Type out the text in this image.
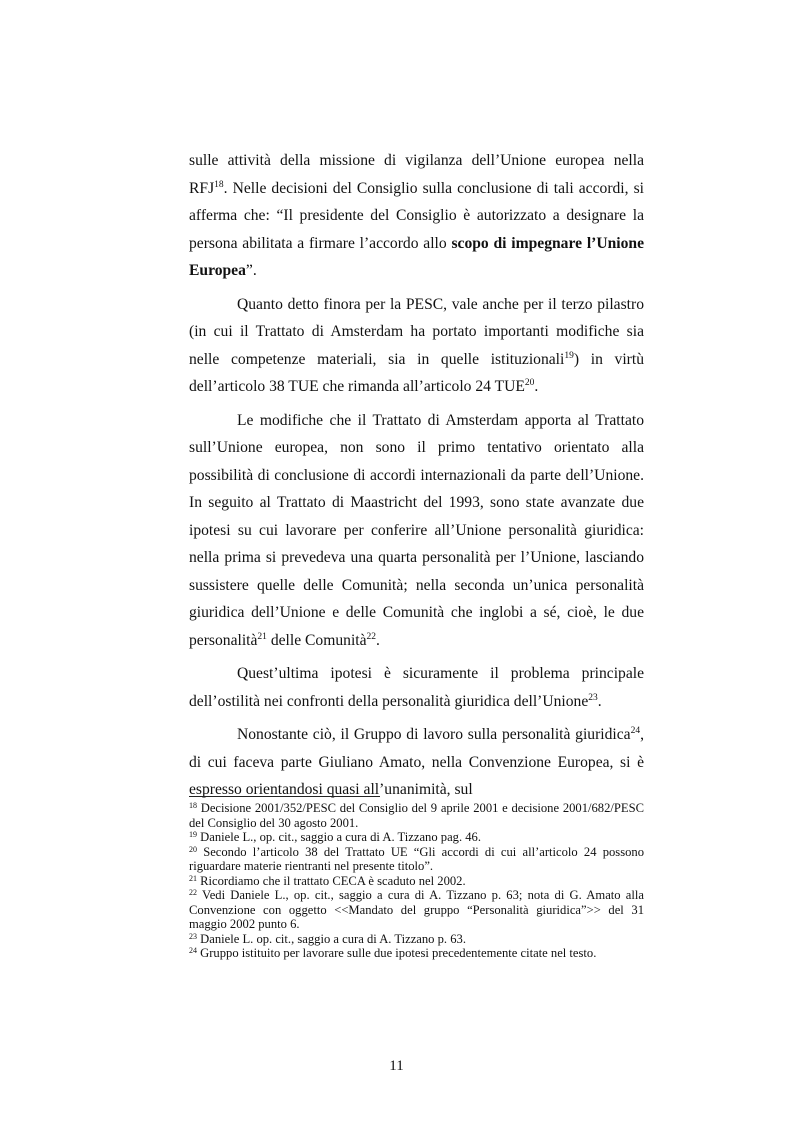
sulle attività della missione di vigilanza dell’Unione europea nella RFJ$^{18}$. Nelle decisioni del Consiglio sulla conclusione di tali accordi, si afferma che: “Il presidente del Consiglio è autorizzato a designare la persona abilitata a firmare l’accordo allo scopo di impegnare l’Unione Europea”.

Quanto detto finora per la PESC, vale anche per il terzo pilastro (in cui il Trattato di Amsterdam ha portato importanti modifiche sia nelle competenze materiali, sia in quelle istituzionali$^{19}$) in virtù dell’articolo 38 TUE che rimanda all’articolo 24 TUE$^{20}$.

Le modifiche che il Trattato di Amsterdam apporta al Trattato sull’Unione europea, non sono il primo tentativo orientato alla possibilità di conclusione di accordi internazionali da parte dell’Unione. In seguito al Trattato di Maastricht del 1993, sono state avanzate due ipotesi su cui lavorare per conferire all’Unione personalità giuridica: nella prima si prevedeva una quarta personalità per l’Unione, lasciando sussistere quelle delle Comunità; nella seconda un’unica personalità giuridica dell’Unione e delle Comunità che inglobi a sé, cioè, le due personalità$^{21}$ delle Comunità$^{22}$.

Quest’ultima ipotesi è sicuramente il problema principale dell’ostilità nei confronti della personalità giuridica dell’Unione$^{23}$.

Nonostante ciò, il Gruppo di lavoro sulla personalità giuridica$^{24}$, di cui faceva parte Giuliano Amato, nella Convenzione Europea, si è espresso orientandosi quasi all’unanimità, sul

$^{18}$ Decisione 2001/352/PESC del Consiglio del 9 aprile 2001 e decisione 2001/682/PESC del Consiglio del 30 agosto 2001.
$^{19}$ Daniele L., op. cit., saggio a cura di A. Tizzano pag. 46.
$^{20}$ Secondo l’articolo 38 del Trattato UE “Gli accordi di cui all’articolo 24 possono riguardare materie rientranti nel presente titolo”.
$^{21}$ Ricordiamo che il trattato CECA è scaduto nel 2002.
$^{22}$ Vedi Daniele L., op. cit., saggio a cura di A. Tizzano p. 63; nota di G. Amato alla Convenzione con oggetto <<Mandato del gruppo “Personalità giuridica”>> del 31 maggio 2002 punto 6.
$^{23}$ Daniele L. op. cit., saggio a cura di A. Tizzano p. 63.
$^{24}$ Gruppo istituito per lavorare sulle due ipotesi precedentemente citate nel testo.
11
